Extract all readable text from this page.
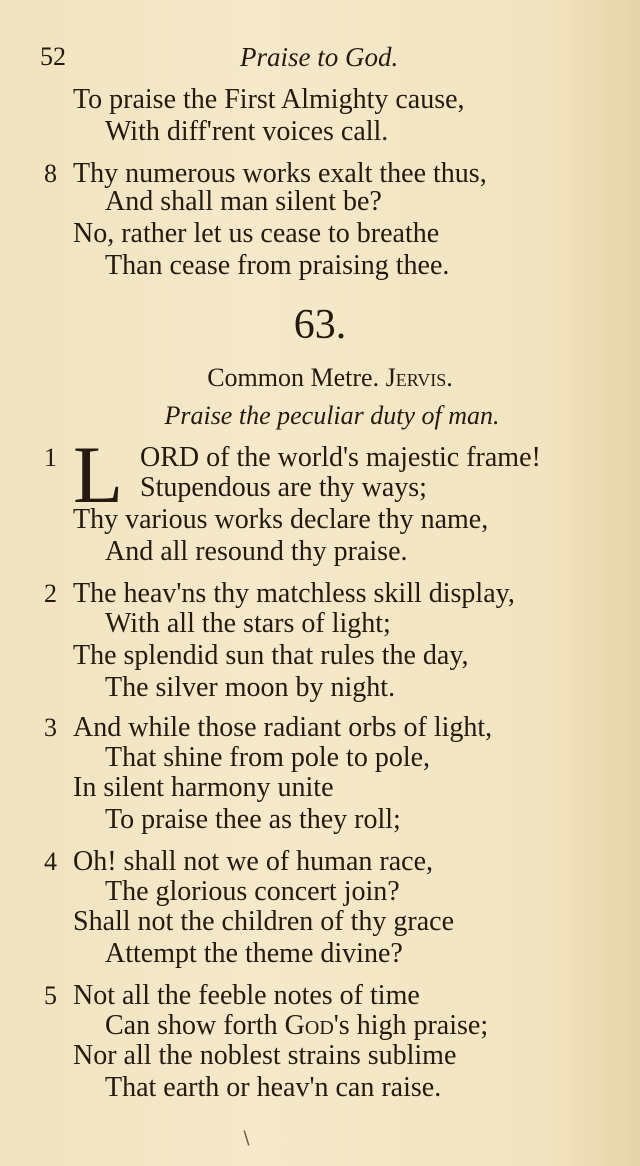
52	Praise to God.
To praise the First Almighty cause,
With diff'rent voices call.
8 Thy numerous works exalt thee thus,
And shall man silent be?
No, rather let us cease to breathe
Than cease from praising thee.
63.
Common Metre. Jervis.
Praise the peculiar duty of man.
1 L ORD of the world's majestic frame!
Stupendous are thy ways;
Thy various works declare thy name,
And all resound thy praise.
2 The heav'ns thy matchless skill display,
With all the stars of light;
The splendid sun that rules the day,
The silver moon by night.
3 And while those radiant orbs of light,
That shine from pole to pole,
In silent harmony unite
To praise thee as they roll;
4 Oh! shall not we of human race,
The glorious concert join?
Shall not the children of thy grace
Attempt the theme divine?
5 Not all the feeble notes of time
Can show forth God's high praise;
Nor all the noblest strains sublime
That earth or heav'n can raise.
∖
